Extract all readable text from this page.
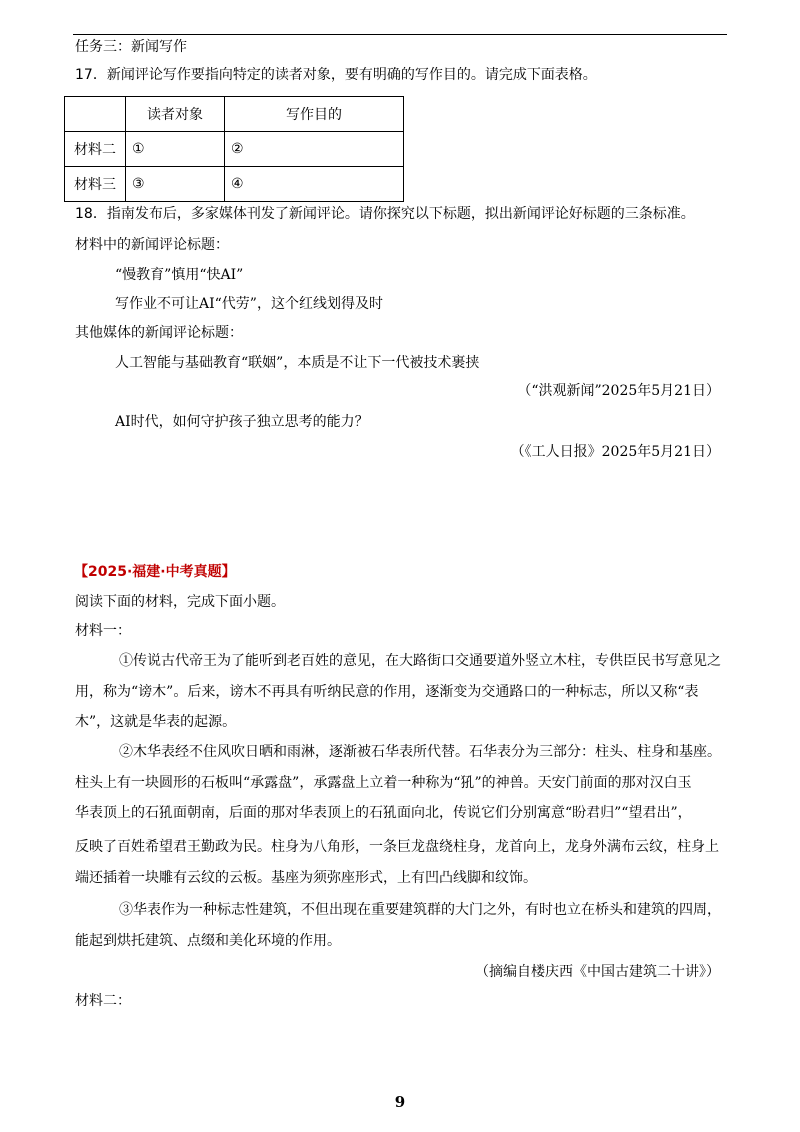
任务三：新闻写作
17．新闻评论写作要指向特定的读者对象，要有明确的写作目的。请完成下面表格。
	读者对象	写作目的
材料二	①	②
材料三	③	④
18．指南发布后，多家媒体刊发了新闻评论。请你探究以下标题，拟出新闻评论好标题的三条标准。
材料中的新闻评论标题：
“慢教育”慎用“快AI”
写作业不可让AI“代劳”，这个红线划得及时
其他媒体的新闻评论标题：
人工智能与基础教育“联姻”，本质是不让下一代被技术裹挟
（“洪观新闻”2025年5月21日）
AI时代，如何守护孩子独立思考的能力？
（《工人日报》2025年5月21日）
【2025·福建·中考真题】
阅读下面的材料，完成下面小题。
材料一：
①传说古代帝王为了能听到老百姓的意见，在大路街口交通要道外竖立木柱，专供臣民书写意见之
用，称为“谤木”。后来，谤木不再具有听纳民意的作用，逐渐变为交通路口的一种标志，所以又称“表
木”，这就是华表的起源。
②木华表经不住风吹日晒和雨淋，逐渐被石华表所代替。石华表分为三部分：柱头、柱身和基座。
柱头上有一块圆形的石板叫“承露盘”，承露盘上立着一种称为“犼”的神兽。天安门前面的那对汉白玉
华表顶上的石犼面朝南，后面的那对华表顶上的石犼面向北，传说它们分别寓意“盼君归”“望君出”，
反映了百姓希望君王勤政为民。柱身为八角形，一条巨龙盘绕柱身，龙首向上，龙身外满布云纹，柱身上
端还插着一块雕有云纹的云板。基座为须弥座形式，上有凹凸线脚和纹饰。
③华表作为一种标志性建筑，不但出现在重要建筑群的大门之外，有时也立在桥头和建筑的四周，
能起到烘托建筑、点缀和美化环境的作用。
（摘编自楼庆西《中国古建筑二十讲》）
材料二：
9
